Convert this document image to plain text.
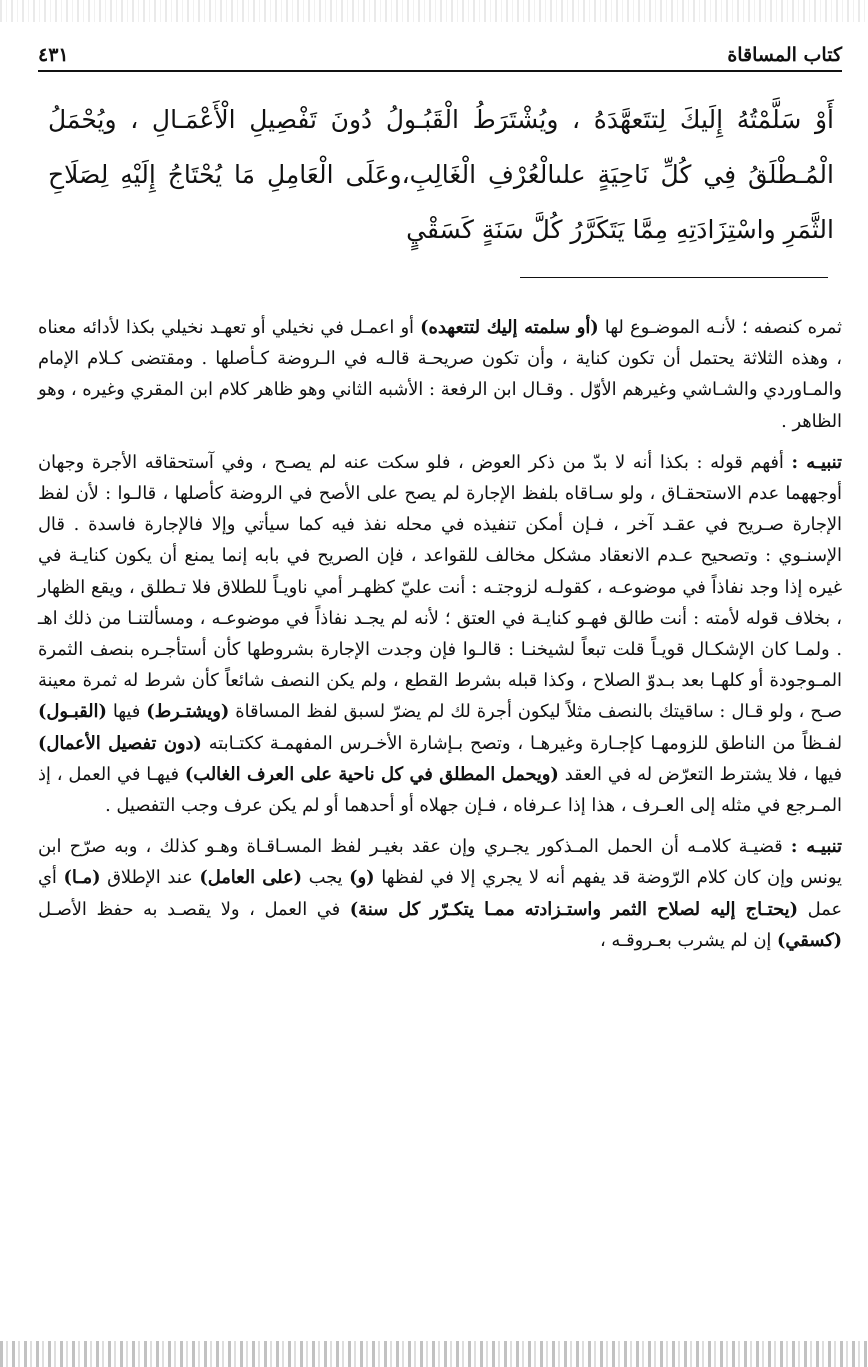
كتاب المساقاة
٤٣١
أَوْ سَلَّمْتُهُ إِلَيكَ لِتتَعهَّدَهُ ، ويُشْتَرَطُ الْقَبُـولُ دُونَ تَفْصِيلِ الْأَعْمَـالِ ، ويُحْمَلُ الْمُـطْلَقُ فِي كُلِّ نَاحِيَةٍ علىالْعُرْفِ الْغَالِبِ،وعَلَى الْعَامِلِ مَا يُحْتَاجُ إِلَيْهِ لِصَلَاحِ الثَّمَرِ واسْتِزَادَتِهِ مِمَّا يَتَكَرَّرُ كُلَّ سَنَةٍ كَسَقْيٍ

ثمره كنصفه ؛ لأنـه الموضـوع لها (أو سلمته إليك لتتعهده) أو اعمـل في نخيلي أو تعهـد نخيلي بكذا لأدائه معناه ، وهذه الثلاثة يحتمل أن تكون كناية ، وأن تكون صريحـة قالـه في الـروضة كـأصلها . ومقتضى كـلام الإمام والمـاوردي والشـاشي وغيرهم الأوّل . وقـال ابن الرفعة : الأشبه الثاني وهو ظاهر كلام ابن المقري وغيره ، وهو الظاهر .

تنبيـه : أفهم قوله : بكذا أنه لا بدّ من ذكر العوض ، فلو سكت عنه لم يصـح ، وفي آستحقاقه الأجرة وجهان أوجههما عدم الاستحقـاق ، ولو سـاقاه بلفظ الإجارة لم يصح على الأصح في الروضة كأصلها ، قالـوا : لأن لفظ الإجارة صـريح في عقـد آخر ، فـإن أمكن تنفيذه في محله نفذ فيه كما سيأتي وإلا فالإجارة فاسدة . قال الإسنـوي : وتصحيح عـدم الانعقاد مشكل مخالف للقواعد ، فإن الصريح في بابه إنما يمنع أن يكون كنايـة في غيره إذا وجد نفاذاً في موضوعـه ، كقولـه لزوجتـه : أنت عليّ كظهـر أمي ناويـاً للطلاق فلا تـطلق ، ويقع الظهار ، بخلاف قوله لأمته : أنت طالق فهـو كنايـة في العتق ؛ لأنه لم يجـد نفاذاً في موضوعـه ، ومسألتنـا من ذلك اهـ . ولمـا كان الإشكـال قويـاً قلت تبعاً لشيخنـا : قالـوا فإن وجدت الإجارة بشروطها كأن أستأجـره بنصف الثمرة المـوجودة أو كلهـا بعد بـدوّ الصلاح ، وكذا قبله بشرط القطع ، ولم يكن النصف شائعاً كأن شرط له ثمرة معينة صـح ، ولو قـال : ساقيتك بالنصف مثلاً ليكون أجرة لك لم يضرّ لسبق لفظ المساقاة (ويشتـرط) فيها (القبـول) لفـظاً من الناطق للزومهـا كإجـارة وغيرهـا ، وتصح بـإشارة الأخـرس المفهمـة ككتـابته (دون تفصيل الأعمال) فيها ، فلا يشترط التعرّض له في العقد (ويحمل المطلق في كل ناحية على العرف الغالب) فيهـا في العمل ، إذ المـرجع في مثله إلى العـرف ، هذا إذا عـرفاه ، فـإن جهلاه أو أحدهما أو لم يكن عرف وجب التفصيل .

تنبيـه : قضيـة كلامـه أن الحمل المـذكور يجـري وإن عقد بغيـر لفظ المسـاقـاة وهـو كذلك ، وبه صرّح ابن يونس وإن كان كلام الرّوضة قد يفهم أنه لا يجري إلا في لفظها (و) يجب (على العامل) عند الإطلاق (مـا) أي عمل (يحتـاج إليه لصلاح الثمر واستـزادته ممـا يتكـرّر كل سنة) في العمل ، ولا يقصـد به حفظ الأصـل (كسقي) إن لم يشرب بعـروقـه ،
